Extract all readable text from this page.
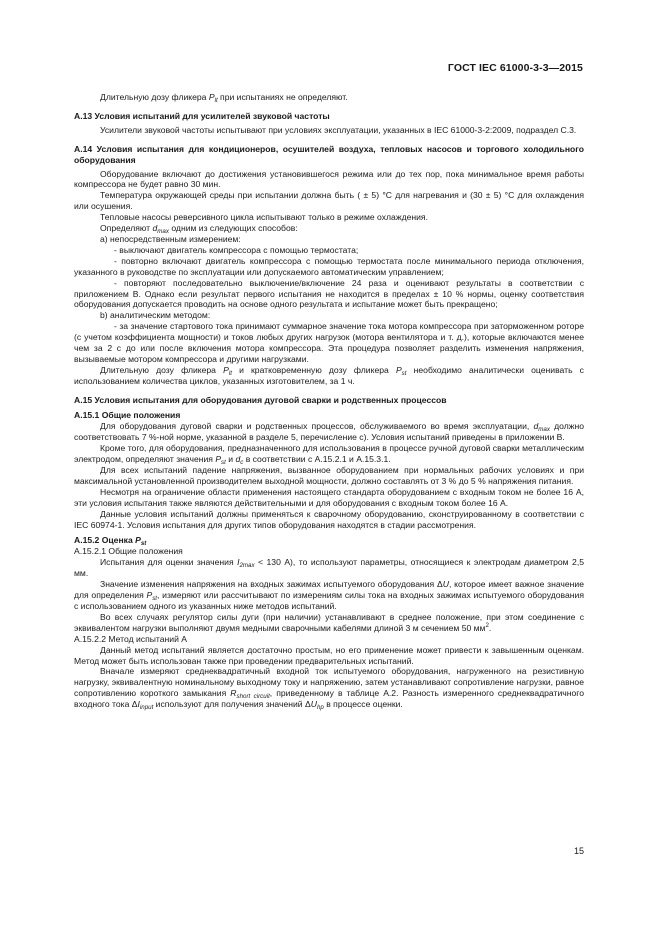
ГОСТ IEC 61000-3-3—2015

Длительную дозу фликера $P_{lt}$ при испытаниях не определяют.

А.13 Условия испытаний для усилителей звуковой частоты

Усилители звуковой частоты испытывают при условиях эксплуатации, указанных в IEC 61000-3-2:2009, подраздел С.3.

А.14 Условия испытания для кондиционеров, осушителей воздуха, тепловых насосов и торгового холодильного оборудования

Оборудование включают до достижения установившегося режима или до тех пор, пока минимальное время работы компрессора не будет равно 30 мин.

Температура окружающей среды при испытании должна быть ( ± 5) °С для нагревания и (30 ± 5) °С для охлаждения или осушения.

Тепловые насосы реверсивного цикла испытывают только в режиме охлаждения.

Определяют $d_{max}$ одним из следующих способов:

а) непосредственным измерением:

- выключают двигатель компрессора с помощью термостата;

- повторно включают двигатель компрессора с помощью термостата после минимального периода отключения, указанного в руководстве по эксплуатации или допускаемого автоматическим управлением;

- повторяют последовательно выключение/включение 24 раза и оценивают результаты в соответствии с приложением В. Однако если результат первого испытания не находится в пределах ± 10 % нормы, оценку соответствия оборудования допускается проводить на основе одного результата и испытание может быть прекращено;

b) аналитическим методом:

- за значение стартового тока принимают суммарное значение тока мотора компрессора при заторможенном роторе (с учетом коэффициента мощности) и токов любых других нагрузок (мотора вентилятора и т. д.), которые включаются менее чем за 2 с до или после включения мотора компрессора. Эта процедура позволяет разделить изменения напряжения, вызываемые мотором компрессора и другими нагрузками.

Длительную дозу фликера $P_{lt}$ и кратковременную дозу фликера $P_{st}$ необходимо аналитически оценивать с использованием количества циклов, указанных изготовителем, за 1 ч.

А.15 Условия испытания для оборудования дуговой сварки и родственных процессов

А.15.1 Общие положения

Для оборудования дуговой сварки и родственных процессов, обслуживаемого во время эксплуатации, $d_{max}$ должно соответствовать 7 %-ной норме, указанной в разделе 5, перечисление с). Условия испытаний приведены в приложении В.

Кроме того, для оборудования, предназначенного для использования в процессе ручной дуговой сварки металлическим электродом, определяют значения $P_{st}$ и $d_c$ в соответствии с А.15.2.1 и А.15.3.1.

Для всех испытаний падение напряжения, вызванное оборудованием при нормальных рабочих условиях и при максимальной установленной производителем выходной мощности, должно составлять от 3 % до 5 % напряжения питания.

Несмотря на ограничение области применения настоящего стандарта оборудованием с входным током не более 16 А, эти условия испытания также являются действительными и для оборудования с входным током более 16 А.

Данные условия испытаний должны применяться к сварочному оборудованию, сконструированному в соответствии с IEC 60974-1. Условия испытания для других типов оборудования находятся в стадии рассмотрения.

А.15.2 Оценка $P_{st}$

А.15.2.1 Общие положения

Испытания для оценки значения $I_{2max} < 130$ А), то используют параметры, относящиеся к электродам диаметром 2,5 мм.

Значение изменения напряжения на входных зажимах испытуемого оборудования ΔU, которое имеет важное значение для определения $P_{st}$, измеряют или рассчитывают по измерениям силы тока на входных зажимах испытуемого оборудования с использованием одного из указанных ниже методов испытаний.

Во всех случаях регулятор силы дуги (при наличии) устанавливают в среднее положение, при этом соединение с эквивалентом нагрузки выполняют двумя медными сварочными кабелями длиной 3 м сечением 50 $мм^2$.

А.15.2.2 Метод испытаний А

Данный метод испытаний является достаточно простым, но его применение может привести к завышенным оценкам. Метод может быть использован также при проведении предварительных испытаний.

Вначале измеряют среднеквадратичный входной ток испытуемого оборудования, нагруженного на резистивную нагрузку, эквивалентную номинальному выходному току и напряжению, затем устанавливают сопротивление нагрузки, равное сопротивлению короткого замыкания $R_{short circuit}$, приведенному в таблице А.2. Разность измеренного среднеквадратичного входного тока $\Delta I_{input}$ используют для получения значений $\Delta U_{hp}$ в процессе оценки.

15
